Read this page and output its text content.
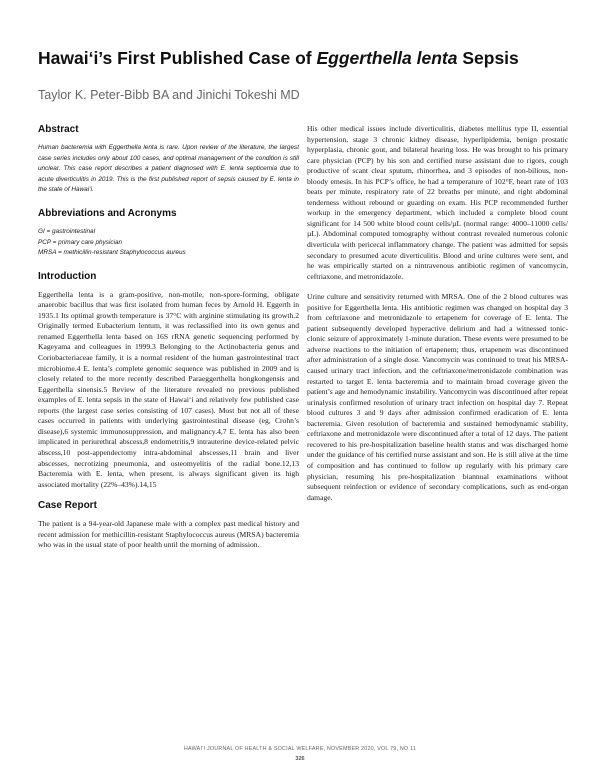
Hawai‘i’s First Published Case of Eggerthella lenta Sepsis

Taylor K. Peter-Bibb BA and Jinichi Tokeshi MD

Abstract

Human bacteremia with Eggerthella lenta is rare. Upon review of the literature, the largest case series includes only about 100 cases, and optimal management of the condition is still unclear. This case report describes a patient diagnosed with E. lenta septicemia due to acute diverticulitis in 2019. This is the first published report of sepsis caused by E. lenta in the state of Hawai‘i.

Abbreviations and Acronyms
GI = gastrointestinal
PCP = primary care physician
MRSA = methicillin-resistant Staphylococcus aureus
Introduction

Eggerthella lenta is a gram-positive, non-motile, non-spore-forming, obligate anaerobic bacillus that was first isolated from human feces by Arnold H. Eggerth in 1935.1 Its optimal growth temperature is 37°C with arginine stimulating its growth.2 Originally termed Eubacterium lentum, it was reclassified into its own genus and renamed Eggerthella lenta based on 16S rRNA genetic sequencing performed by Kageyama and colleagues in 1999.3 Belonging to the Actinobacteria genus and Coriobacteriaceae family, it is a normal resident of the human gastrointestinal tract microbiome.4 E. lenta’s complete genomic sequence was published in 2009 and is closely related to the more recently described Paraeggerthella hongkongensis and Eggerthella sinensis.5 Review of the literature revealed no previous published examples of E. lenta sepsis in the state of Hawai‘i and relatively few published case reports (the largest case series consisting of 107 cases). Most but not all of these cases occurred in patients with underlying gastrointestinal disease (eg, Crohn’s disease),6 systemic immunosuppression, and malignancy.4,7 E. lenta has also been implicated in periurethral abscess,8 endometritis,9 intrauterine device-related pelvic abscess,10 post-appendectomy intra-abdominal abscesses,11 brain and liver abscesses, necrotizing pneumonia, and osteomyelitis of the radial bone.12,13 Bacteremia with E. lenta, when present, is always significant given its high associated mortality (22%–43%).14,15

Case Report

The patient is a 94-year-old Japanese male with a complex past medical history and recent admission for methicillin-resistant Staphylococcus aureus (MRSA) bacteremia who was in the usual state of poor health until the morning of admission.

His other medical issues include diverticulitis, diabetes mellitus type II, essential hypertension, stage 3 chronic kidney disease, hyperlipidemia, benign prostatic hyperplasia, chronic gout, and bilateral hearing loss. He was brought to his primary care physician (PCP) by his son and certified nurse assistant due to rigors, cough productive of scant clear sputum, rhinorrhea, and 3 episodes of non-bilious, non-bloody emesis. In his PCP’s office, he had a temperature of 102°F, heart rate of 103 beats per minute, respiratory rate of 22 breaths per minute, and right abdominal tenderness without rebound or guarding on exam. His PCP recommended further workup in the emergency department, which included a complete blood count significant for 14 500 white blood count cells/µL (normal range: 4000–11000 cells/µL). Abdominal computed tomography without contrast revealed numerous colonic diverticula with pericecal inflammatory change. The patient was admitted for sepsis secondary to presumed acute diverticulitis. Blood and urine cultures were sent, and he was empirically started on a nintravenous antibiotic regimen of vancomycin, ceftriaxone, and metronidazole.

Urine culture and sensitivity returned with MRSA. One of the 2 blood cultures was positive for Eggerthella lenta. His antibiotic regimen was changed on hospital day 3 from ceftriaxone and metronidazole to ertapenem for coverage of E. lenta. The patient subsequently developed hyperactive delirium and had a witnessed tonic-clonic seizure of approximately 1-minute duration. These events were presumed to be adverse reactions to the initiation of ertapenem; thus, ertapenem was discontinued after administration of a single dose. Vancomycin was continued to treat his MRSA-caused urinary tract infection, and the ceftriaxone/metronidazole combination was restarted to target E. lenta bacteremia and to maintain broad coverage given the patient’s age and hemodynamic instability. Vancomycin was discontinued after repeat urinalysis confirmed resolution of urinary tract infection on hospital day 7. Repeat blood cultures 3 and 9 days after admission confirmed eradication of E. lenta bacteremia. Given resolution of bacteremia and sustained hemodynamic stability, ceftriaxone and metronidazole were discontinued after a total of 12 days. The patient recovered to his pre-hospitalization baseline health status and was discharged home under the guidance of his certified nurse assistant and son. He is still alive at the time of composition and has continued to follow up regularly with his primary care physician, resuming his pre-hospitalization biannual examinations without subsequent reinfection or evidence of secondary complications, such as end-organ damage.

HAWAI‘I JOURNAL OF HEALTH & SOCIAL WELFARE, NOVEMBER 2020, VOL 79, NO 11
326
